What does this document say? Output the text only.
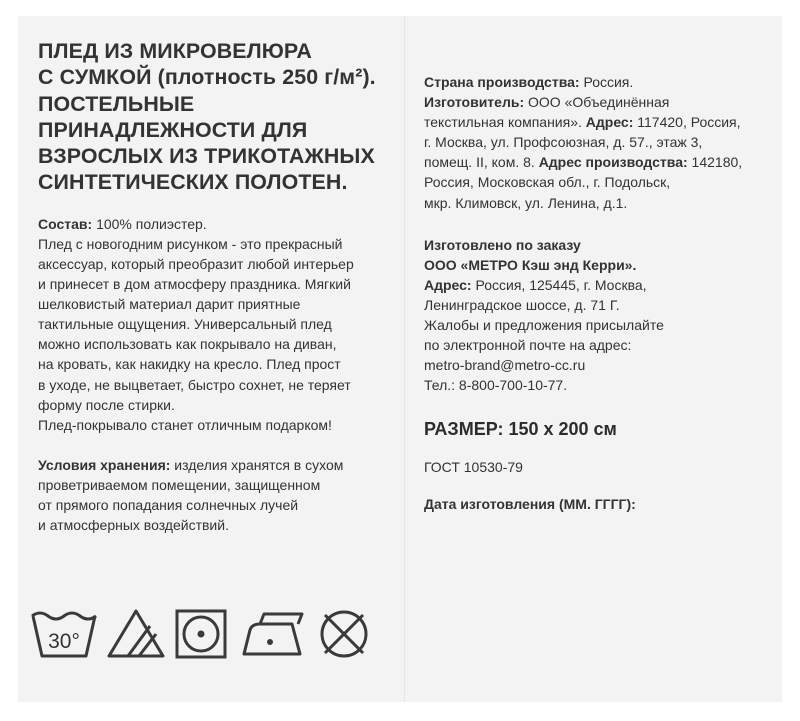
ПЛЕД ИЗ МИКРОВЕЛЮРА
С СУМКОЙ (плотность 250 г/м²).
ПОСТЕЛЬНЫЕ
ПРИНАДЛЕЖНОСТИ ДЛЯ
ВЗРОСЛЫХ ИЗ ТРИКОТАЖНЫХ
СИНТЕТИЧЕСКИХ ПОЛОТЕН.
Состав: 100% полиэстер.
Плед с новогодним рисунком - это прекрасный
аксессуар, который преобразит любой интерьер
и принесет в дом атмосферу праздника. Мягкий
шелковистый материал дарит приятные
тактильные ощущения. Универсальный плед
можно использовать как покрывало на диван,
на кровать, как накидку на кресло. Плед прост
в уходе, не выцветает, быстро сохнет, не теряет
форму после стирки.
Плед-покрывало станет отличным подарком!
Условия хранения: изделия хранятся в сухом
проветриваемом помещении, защищенном
от прямого попадания солнечных лучей
и атмосферных воздействий.
30°
Страна производства: Россия.
Изготовитель: ООО «Объединённая
текстильная компания». Адрес: 117420, Россия,
г. Москва, ул. Профсоюзная, д. 57., этаж 3,
помещ. II, ком. 8. Адрес производства: 142180,
Россия, Московская обл., г. Подольск,
мкр. Климовск, ул. Ленина, д.1.
Изготовлено по заказу
ООО «МЕТРО Кэш энд Керри».
Адрес: Россия, 125445, г. Москва,
Ленинградское шоссе, д. 71 Г.
Жалобы и предложения присылайте
по электронной почте на адрес:
metro-brand@metro-cc.ru
Тел.: 8-800-700-10-77.
РАЗМЕР: 150 х 200 см
ГОСТ 10530-79
Дата изготовления (ММ. ГГГГ):
